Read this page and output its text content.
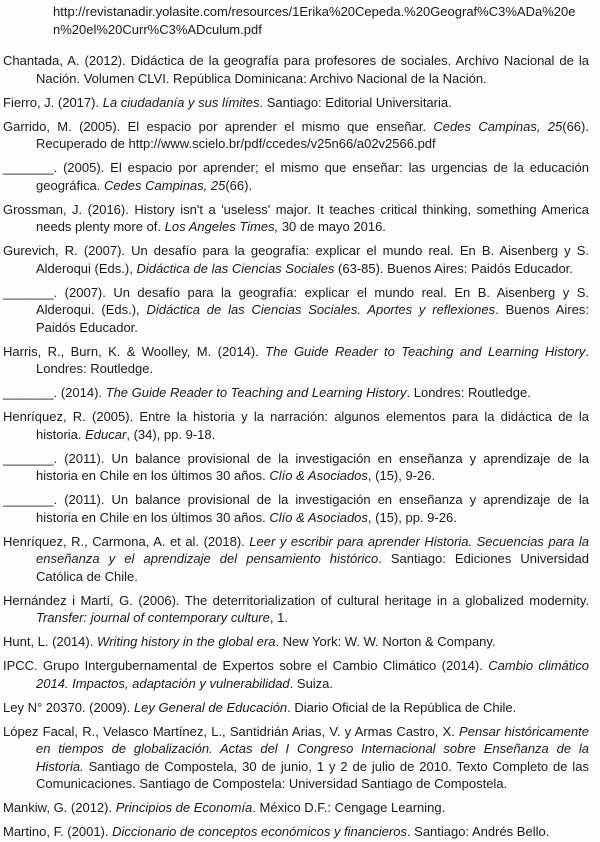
http://revistanadir.yolasite.com/resources/1Erika%20Cepeda.%20Geograf%C3%ADa%20en%20el%20Curr%C3%ADculum.pdf

Chantada, A. (2012). Didáctica de la geografía para profesores de sociales. Archivo Nacional de la Nación. Volumen CLVI. República Dominicana: Archivo Nacional de la Nación.

Fierro, J. (2017). La ciudadanía y sus límites. Santiago: Editorial Universitaria.

Garrido, M. (2005). El espacio por aprender el mismo que enseñar. Cedes Campinas, 25(66). Recuperado de http://www.scielo.br/pdf/ccedes/v25n66/a02v2566.pdf

_______. (2005). El espacio por aprender; el mismo que enseñar: las urgencias de la educación geográfica. Cedes Campinas, 25(66).

Grossman, J. (2016). History isn't a 'useless' major. It teaches critical thinking, something America needs plenty more of. Los Angeles Times, 30 de mayo 2016.

Gurevich, R. (2007). Un desafío para la geografía: explicar el mundo real. En B. Aisenberg y S. Alderoqui (Eds.), Didáctica de las Ciencias Sociales (63-85). Buenos Aires: Paidós Educador.

_______. (2007). Un desafío para la geografía: explicar el mundo real. En B. Aisenberg y S. Alderoqui. (Eds.), Didáctica de las Ciencias Sociales. Aportes y reflexiones. Buenos Aires: Paidós Educador.

Harris, R., Burn, K. & Woolley, M. (2014). The Guide Reader to Teaching and Learning History. Londres: Routledge.

_______. (2014). The Guide Reader to Teaching and Learning History. Londres: Routledge.

Henríquez, R. (2005). Entre la historia y la narración: algunos elementos para la didáctica de la historia. Educar, (34), pp. 9-18.

_______. (2011). Un balance provisional de la investigación en enseñanza y aprendizaje de la historia en Chile en los últimos 30 años. Clío & Asociados, (15), 9-26.

_______. (2011). Un balance provisional de la investigación en enseñanza y aprendizaje de la historia en Chile en los últimos 30 años. Clío & Asociados, (15), pp. 9-26.

Henríquez, R., Carmona, A. et al. (2018). Leer y escribir para aprender Historia. Secuencias para la enseñanza y el aprendizaje del pensamiento histórico. Santiago: Ediciones Universidad Católica de Chile.

Hernández i Martí, G. (2006). The deterritorialization of cultural heritage in a globalized modernity. Transfer: journal of contemporary culture, 1.

Hunt, L. (2014). Writing history in the global era. New York: W. W. Norton & Company.

IPCC. Grupo Intergubernamental de Expertos sobre el Cambio Climático (2014). Cambio climático 2014. Impactos, adaptación y vulnerabilidad. Suiza.

Ley N° 20370. (2009). Ley General de Educación. Diario Oficial de la República de Chile.

López Facal, R., Velasco Martínez, L., Santidrián Arias, V. y Armas Castro, X. Pensar históricamente en tiempos de globalización. Actas del I Congreso Internacional sobre Enseñanza de la Historia. Santiago de Compostela, 30 de junio, 1 y 2 de julio de 2010. Texto Completo de las Comunicaciones. Santiago de Compostela: Universidad Santiago de Compostela.

Mankiw, G. (2012). Principios de Economía. México D.F.: Cengage Learning.

Martino, F. (2001). Diccionario de conceptos económicos y financieros. Santiago: Andrés Bello.
